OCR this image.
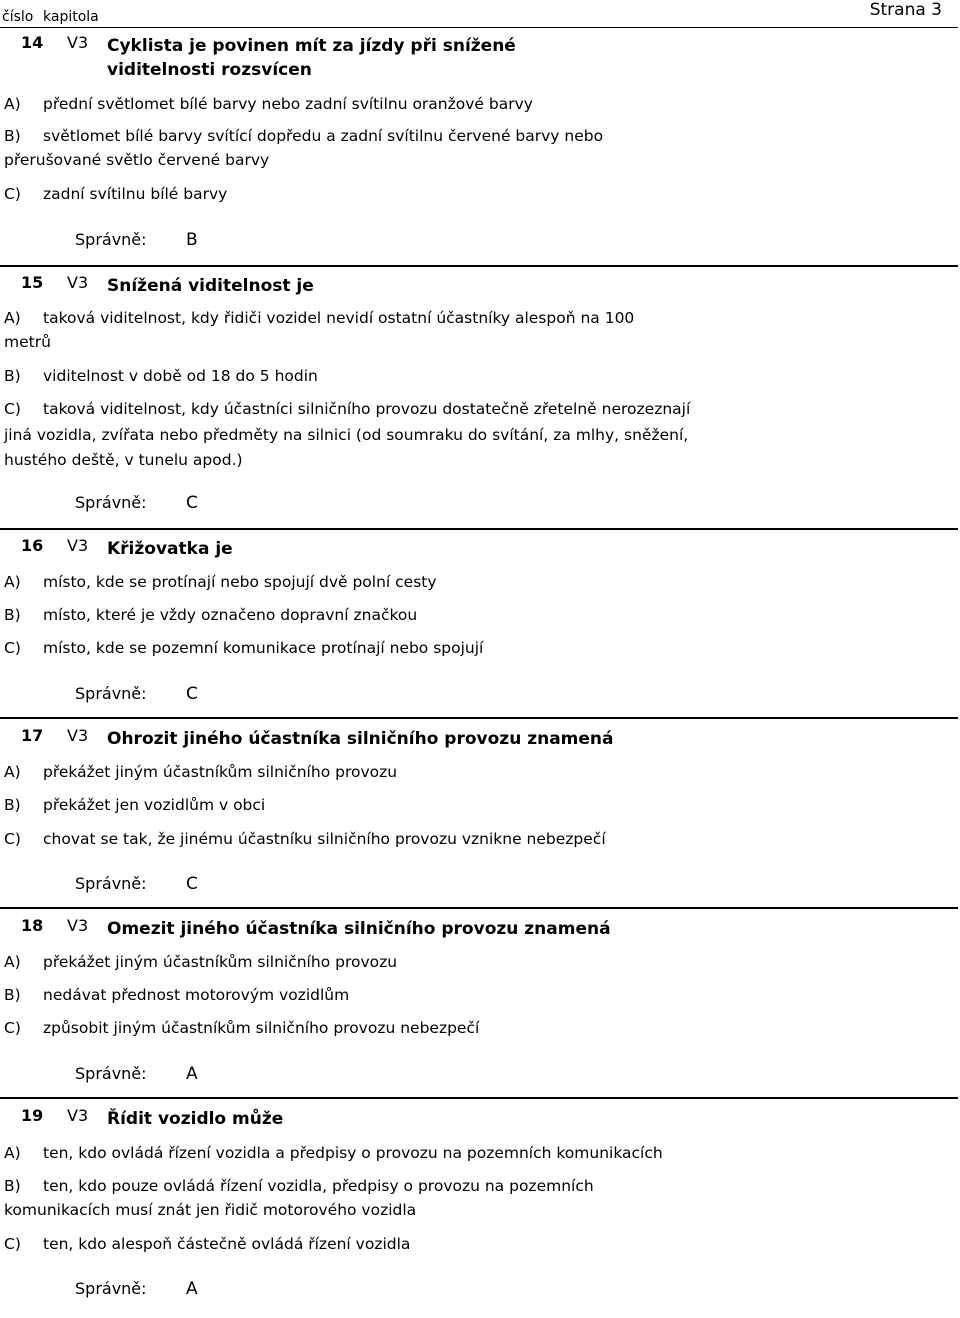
číslo kapitola	Strana 3
14 V3 Cyklista je povinen mít za jízdy při snížené viditelnosti rozsvícen
A) přední světlomet bílé barvy nebo zadní svítilnu oranžové barvy
B) světlomet bílé barvy svítící dopředu a zadní svítilnu červené barvy nebo přerušované světlo červené barvy
C) zadní svítilnu bílé barvy
Správně: B
15 V3 Snížená viditelnost je
A) taková viditelnost, kdy řidiči vozidel nevidí ostatní účastníky alespoň na 100 metrů
B) viditelnost v době od 18 do 5 hodin
C) taková viditelnost, kdy účastníci silničního provozu dostatečně zřetelně nerozeznají jiná vozidla, zvířata nebo předměty na silnici (od soumraku do svítání, za mlhy, sněžení, hustého deště, v tunelu apod.)
Správně: C
16 V3 Křižovatka je
A) místo, kde se protínají nebo spojují dvě polní cesty
B) místo, které je vždy označeno dopravní značkou
C) místo, kde se pozemní komunikace protínají nebo spojují
Správně: C
17 V3 Ohrozit jiného účastníka silničního provozu znamená
A) překážet jiným účastníkům silničního provozu
B) překážet jen vozidlům v obci
C) chovat se tak, že jinému účastníku silničního provozu vznikne nebezpečí
Správně: C
18 V3 Omezit jiného účastníka silničního provozu znamená
A) překážet jiným účastníkům silničního provozu
B) nedávat přednost motorovým vozidlům
C) způsobit jiným účastníkům silničního provozu nebezpečí
Správně: A
19 V3 Řídit vozidlo může
A) ten, kdo ovládá řízení vozidla a předpisy o provozu na pozemních komunikacích
B) ten, kdo pouze ovládá řízení vozidla, předpisy o provozu na pozemních komunikacích musí znát jen řidič motorového vozidla
C) ten, kdo alespoň částečně ovládá řízení vozidla
Správně: A
